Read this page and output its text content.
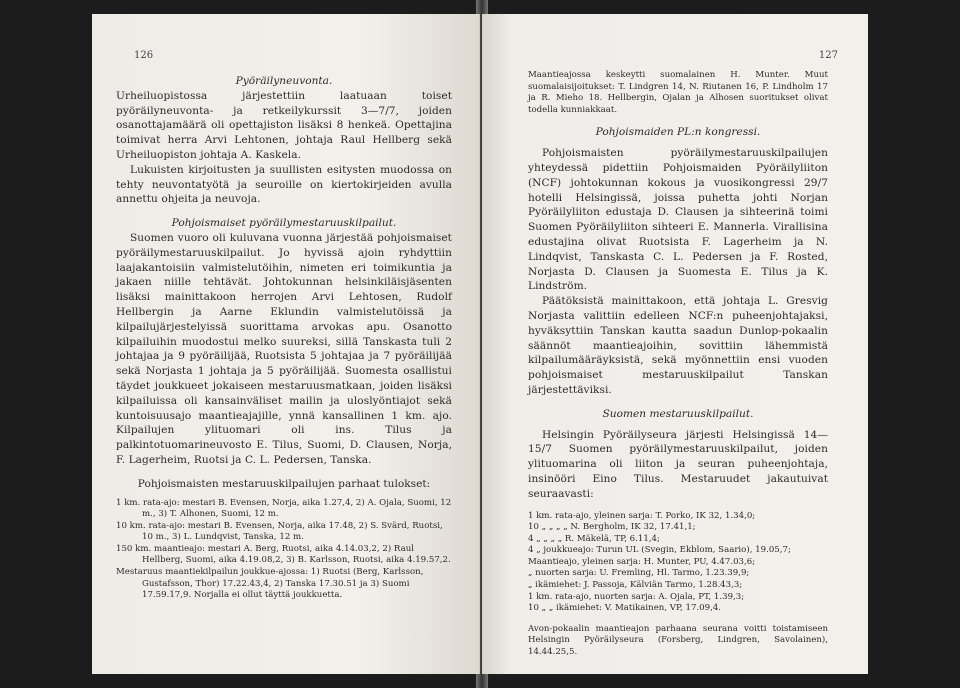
126

Pyöräilyneuvonta.

Urheiluopistossa järjestettiin laatuaan toiset pyöräilyneuvonta- ja retkeilykurssit 3—7/7, joiden osanottajamäärä oli opettajiston lisäksi 8 henkeä. Opettajina toimivat herra Arvi Lehtonen, johtaja Raul Hellberg sekä Urheiluopiston johtaja A. Kaskela.

Lukuisten kirjoitusten ja suullisten esitysten muodossa on tehty neuvontatyötä ja seuroille on kiertokirjeiden avulla annettu ohjeita ja neuvoja.

Pohjoismaiset pyöräilymestaruuskilpailut.

Suomen vuoro oli kuluvana vuonna järjestää pohjoismaiset pyöräilymestaruuskilpailut. Jo hyvissä ajoin ryhdyttiin laajakantoisiin valmistelutöihin, nimeten eri toimikuntia ja jakaen niille tehtävät. Johtokunnan helsinkiläisjäsenten lisäksi mainittakoon herrojen Arvi Lehtosen, Rudolf Hellbergin ja Aarne Eklundin valmistelutöissä ja kilpailujärjestelyissä suorittama arvokas apu. Osanotto kilpailuihin muodostui melko suureksi, sillä Tanskasta tuli 2 johtajaa ja 9 pyöräilijää, Ruotsista 5 johtajaa ja 7 pyöräilijää sekä Norjasta 1 johtaja ja 5 pyöräilijää. Suomesta osallistui täydet joukkueet jokaiseen mestaruusmatkaan, joiden lisäksi kilpailuissa oli kansainväliset mailin ja uloslyöntiajot sekä kuntoisuusajo maantieajajille, ynnä kansallinen 1 km. ajo. Kilpailujen ylituomari oli ins. Tilus ja palkintotuomarineuvosto E. Tilus, Suomi, D. Clausen, Norja, F. Lagerheim, Ruotsi ja C. L. Pedersen, Tanska.

Pohjoismaisten mestaruuskilpailujen parhaat tulokset:

1 km. rata-ajo: mestari B. Evensen, Norja, aika 1.27,4, 2) A. Ojala, Suomi, 12 m., 3) T. Alhonen, Suomi, 12 m.

10 km. rata-ajo: mestari B. Evensen, Norja, aika 17.48, 2) S. Svärd, Ruotsi, 10 m., 3) L. Lundqvist, Tanska, 12 m.

150 km. maantieajo: mestari A. Berg, Ruotsi, aika 4.14.03,2, 2) Raul Hellberg, Suomi, aika 4.19.08,2, 3) B. Karlsson, Ruotsi, aika 4.19.57,2.

Mestaruus maantiekilpailun joukkue-ajossa: 1) Ruotsi (Berg, Karlsson, Gustafsson, Thor) 17.22.43,4, 2) Tanska 17.30.51 ja 3) Suomi 17.59.17,9. Norjalla ei ollut täyttä joukkuetta.

127

Maantieajossa keskeytti suomalainen H. Munter. Muut suomalaisijoitukset: T. Lindgren 14, N. Riutanen 16, P. Lindholm 17 ja R. Mieho 18. Hellbergin, Ojalan ja Alhosen suoritukset olivat todella kunniakkaat.

Pohjoismaiden PL:n kongressi.

Pohjoismaisten pyöräilymestaruuskilpailujen yhteydessä pidettiin Pohjoismaiden Pyöräilyliiton (NCF) johtokunnan kokous ja vuosikongressi 29/7 hotelli Helsingissä, joissa puhetta johti Norjan Pyöräilyliiton edustaja D. Clausen ja sihteerinä toimi Suomen Pyöräilyliiton sihteeri E. Mannerla. Virallisina edustajina olivat Ruotsista F. Lagerheim ja N. Lindqvist, Tanskasta C. L. Pedersen ja F. Rosted, Norjasta D. Clausen ja Suomesta E. Tilus ja K. Lindström.

Päätöksistä mainittakoon, että johtaja L. Gresvig Norjasta valittiin edelleen NCF:n puheenjohtajaksi, hyväksyttiin Tanskan kautta saadun Dunlop-pokaalin säännöt maantieajoihin, sovittiin lähemmistä kilpailumääräyksistä, sekä myönnettiin ensi vuoden pohjoismaiset mestaruuskilpailut Tanskan järjestettäviksi.

Suomen mestaruuskilpailut.

Helsingin Pyöräilyseura järjesti Helsingissä 14—15/7 Suomen pyöräilymestaruuskilpailut, joiden ylituomarina oli liiton ja seuran puheenjohtaja, insinööri Eino Tilus. Mestaruudet jakautuivat seuraavasti:

1 km. rata-ajo, yleinen sarja: T. Porko, IK 32, 1.34,0;

10 „ „ „ „ N. Bergholm, IK 32, 17.41,1;

4 „ „ „ „ R. Mäkelä, TP, 6.11,4;

4 „ joukkueajo: Turun UL (Svegin, Ekblom, Saario), 19.05,7;

Maantieajo, yleinen sarja: H. Munter, PU, 4.47.03,6;

„ nuorten sarja: U. Fremling, Hl. Tarmo, 1.23.39,9;

„ ikämiehet: J. Passoja, Kälviän Tarmo, 1.28.43,3;

1 km. rata-ajo, nuorten sarja: A. Ojala, PT, 1.39,3;

10 „ „ ikämiehet: V. Matikainen, VP, 17.09,4.

Avon-pokaalin maantieajon parhaana seurana voitti toistamiseen Helsingin Pyöräilyseura (Forsberg, Lindgren, Savolainen), 14.44.25,5.
